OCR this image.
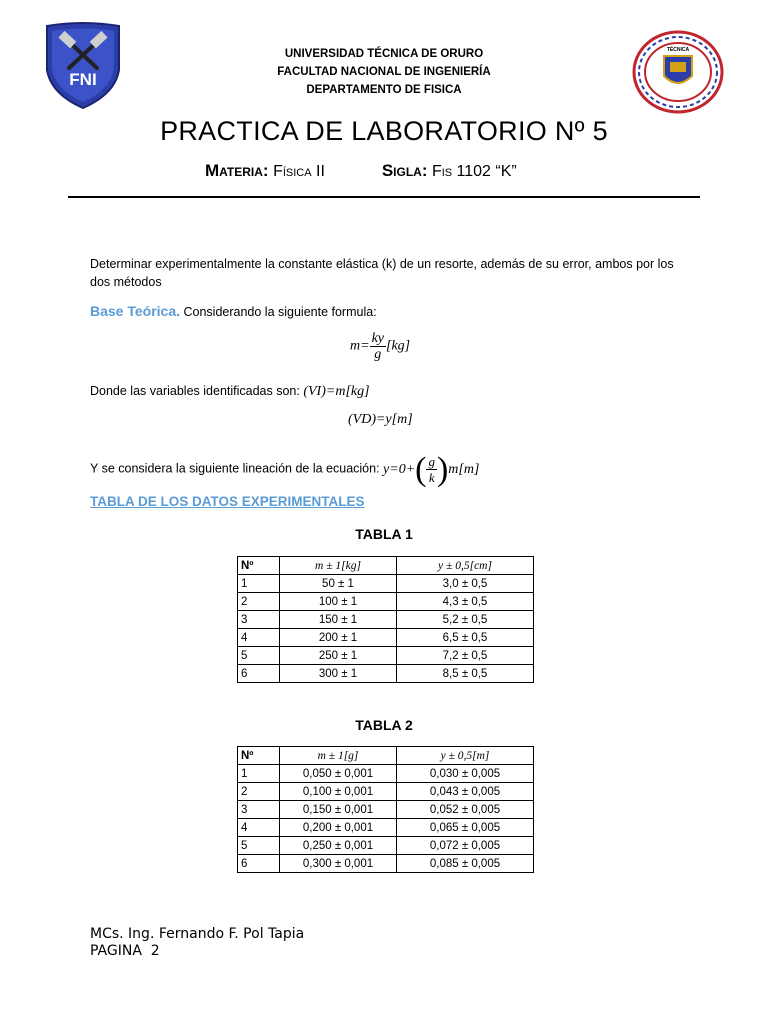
FNI
TÉCNICA
UNIVERSIDAD TÉCNICA DE ORURO
FACULTAD NACIONAL DE INGENIERÍA
DEPARTAMENTO DE FISICA
PRACTICA DE LABORATORIO Nº 5
Materia: Física II	Sigla: Fis 1102 “K”
Determinar experimentalmente la constante elástica (k) de un resorte, además de su error, ambos por los dos métodos
Base Teórica. Considerando la siguiente formula:
$m= \frac{ky}{g} [kg]$
Donde las variables identificadas son: (VI)=m[kg]
(VD)=y[m]
Y se considera la siguiente lineación de la ecuación: $y=0+( \frac{g}{k} )m[m]$
TABLA DE LOS DATOS EXPERIMENTALES
TABLA 1
Nº	m ± 1[kg]	y ± 0,5[cm]
1	50 ± 1	3,0 ± 0,5
2	100 ± 1	4,3 ± 0,5
3	150 ± 1	5,2 ± 0,5
4	200 ± 1	6,5 ± 0,5
5	250 ± 1	7,2 ± 0,5
6	300 ± 1	8,5 ± 0,5
TABLA 2
Nº	m ± 1[g]	y ± 0,5[m]
1	0,050 ± 0,001	0,030 ± 0,005
2	0,100 ± 0,001	0,043 ± 0,005
3	0,150 ± 0,001	0,052 ± 0,005
4	0,200 ± 0,001	0,065 ± 0,005
5	0,250 ± 0,001	0,072 ± 0,005
6	0,300 ± 0,001	0,085 ± 0,005
MCs. Ing. Fernando F. Pol Tapia
PAGINA  2
